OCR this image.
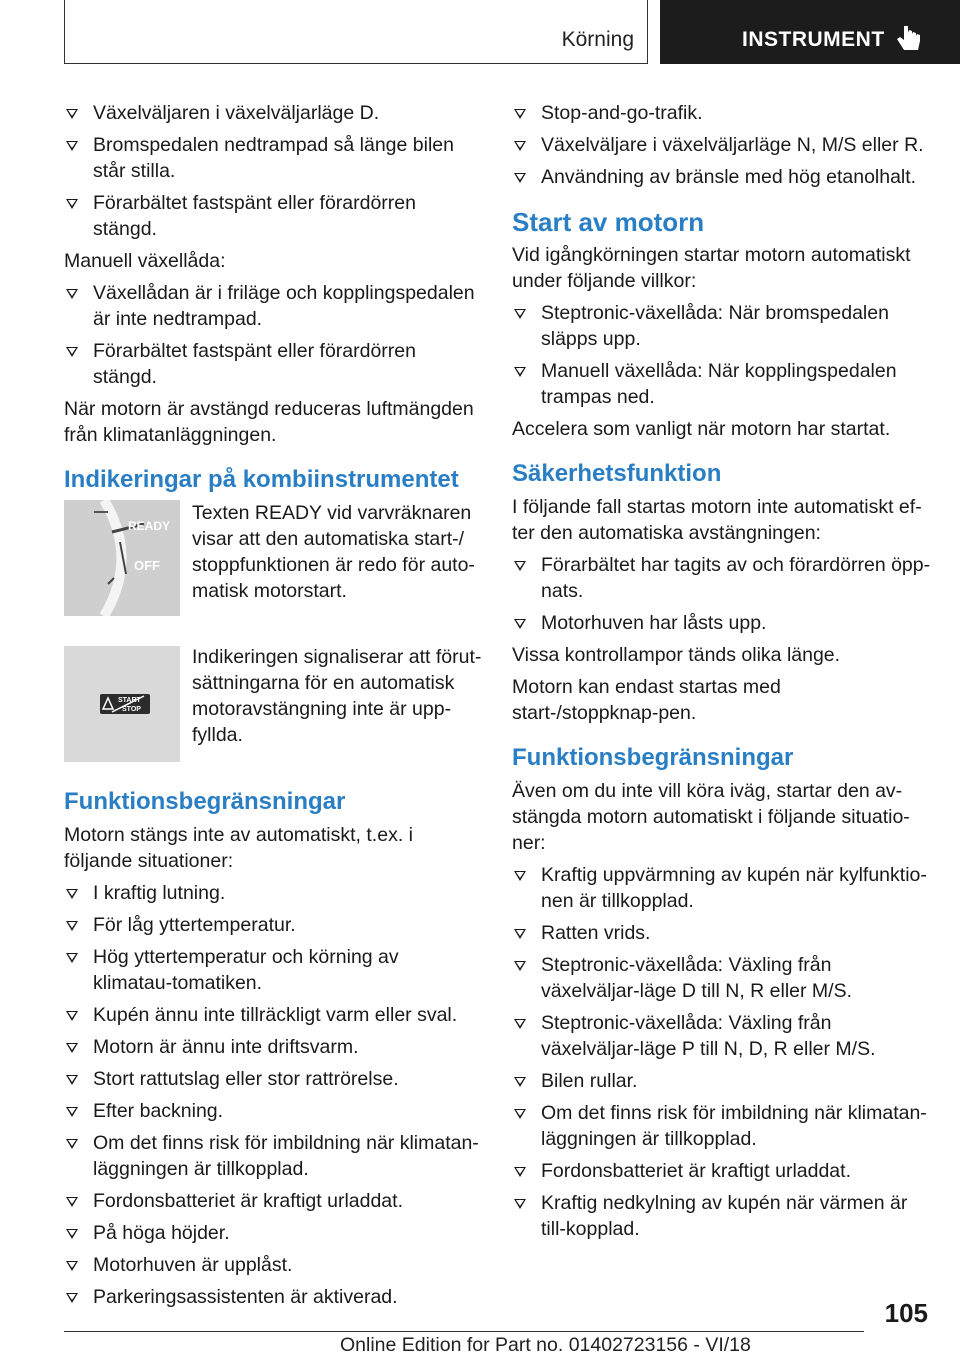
Körning	INSTRUMENT
Växelväljaren i växelväljarläge D.
Bromspedalen nedtrampad så länge bilen står stilla.
Förarbältet fastspänt eller förardörren stängd.
Manuell växellåda:
Växellådan är i friläge och kopplingspedalen är inte nedtrampad.
Förarbältet fastspänt eller förardörren stängd.
När motorn är avstängd reduceras luftmängden från klimatanläggningen.
Indikeringar på kombiinstrumentet
READY
OFF
Texten READY vid varvräknaren visar att den automatiska start-/ stoppfunktionen är redo för auto-matisk motorstart.
START
STOP
Indikeringen signaliserar att förut-sättningarna för en automatisk motoravstängning inte är upp-fyllda.
Funktionsbegränsningar
Motorn stängs inte av automatiskt, t.ex. i följande situationer:
I kraftig lutning.
För låg yttertemperatur.
Hög yttertemperatur och körning av klimatau-tomatiken.
Kupén ännu inte tillräckligt varm eller sval.
Motorn är ännu inte driftsvarm.
Stort rattutslag eller stor rattrörelse.
Efter backning.
Om det finns risk för imbildning när klimatan-läggningen är tillkopplad.
Fordonsbatteriet är kraftigt urladdat.
På höga höjder.
Motorhuven är upplåst.
Parkeringsassistenten är aktiverad.
Stop-and-go-trafik.
Växelväljare i växelväljarläge N, M/S eller R.
Användning av bränsle med hög etanolhalt.
Start av motorn
Vid igångkörningen startar motorn automatiskt under följande villkor:
Steptronic-växellåda: När bromspedalen släpps upp.
Manuell växellåda: När kopplingspedalen trampas ned.
Accelera som vanligt när motorn har startat.
Säkerhetsfunktion
I följande fall startas motorn inte automatiskt ef-ter den automatiska avstängningen:
Förarbältet har tagits av och förardörren öpp-nats.
Motorhuven har låsts upp.
Vissa kontrollampor tänds olika länge.
Motorn kan endast startas med start-/stoppknap-pen.
Funktionsbegränsningar
Även om du inte vill köra iväg, startar den av-stängda motorn automatiskt i följande situatio-ner:
Kraftig uppvärmning av kupén när kylfunktio-nen är tillkopplad.
Ratten vrids.
Steptronic-växellåda: Växling från växelväljar-läge D till N, R eller M/S.
Steptronic-växellåda: Växling från växelväljar-läge P till N, D, R eller M/S.
Bilen rullar.
Om det finns risk för imbildning när klimatan-läggningen är tillkopplad.
Fordonsbatteriet är kraftigt urladdat.
Kraftig nedkylning av kupén när värmen är till-kopplad.
105
Online Edition for Part no. 01402723156 - VI/18
